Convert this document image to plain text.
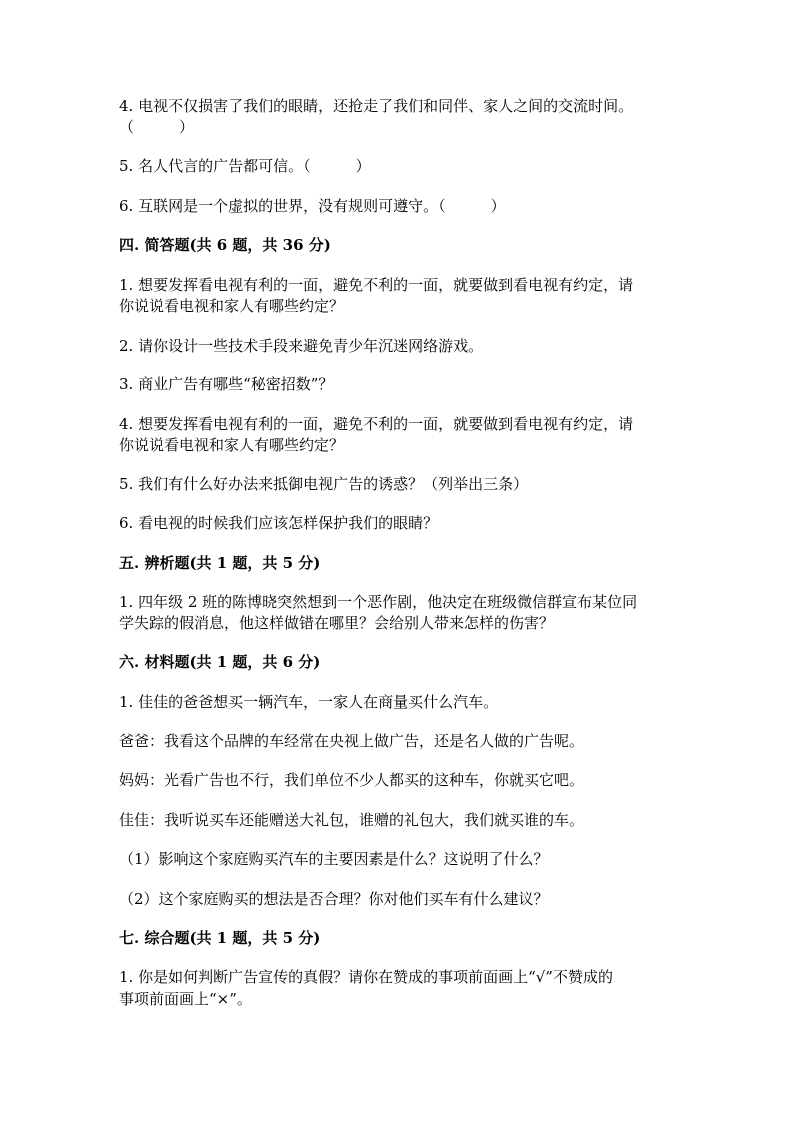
4. 电视不仅损害了我们的眼睛，还抢走了我们和同伴、家人之间的交流时间。
（　　　）
5. 名人代言的广告都可信。（　　　）
6. 互联网是一个虚拟的世界，没有规则可遵守。（　　　）
四. 简答题(共 6 题，共 36 分)
1. 想要发挥看电视有利的一面，避免不利的一面，就要做到看电视有约定，请
你说说看电视和家人有哪些约定？
2. 请你设计一些技术手段来避免青少年沉迷网络游戏。
3. 商业广告有哪些“秘密招数”？
4. 想要发挥看电视有利的一面，避免不利的一面，就要做到看电视有约定，请
你说说看电视和家人有哪些约定？
5. 我们有什么好办法来抵御电视广告的诱惑？（列举出三条）
6. 看电视的时候我们应该怎样保护我们的眼睛？
五. 辨析题(共 1 题，共 5 分)
1. 四年级 2 班的陈博晓突然想到一个恶作剧，他决定在班级微信群宣布某位同
学失踪的假消息，他这样做错在哪里？会给别人带来怎样的伤害？
六. 材料题(共 1 题，共 6 分)
1. 佳佳的爸爸想买一辆汽车，一家人在商量买什么汽车。
爸爸：我看这个品牌的车经常在央视上做广告，还是名人做的广告呢。
妈妈：光看广告也不行，我们单位不少人都买的这种车，你就买它吧。
佳佳：我听说买车还能赠送大礼包，谁赠的礼包大，我们就买谁的车。
（1）影响这个家庭购买汽车的主要因素是什么？这说明了什么？
（2）这个家庭购买的想法是否合理？你对他们买车有什么建议？
七. 综合题(共 1 题，共 5 分)
1. 你是如何判断广告宣传的真假？请你在赞成的事项前面画上“√”不赞成的
事项前面画上“×”。
